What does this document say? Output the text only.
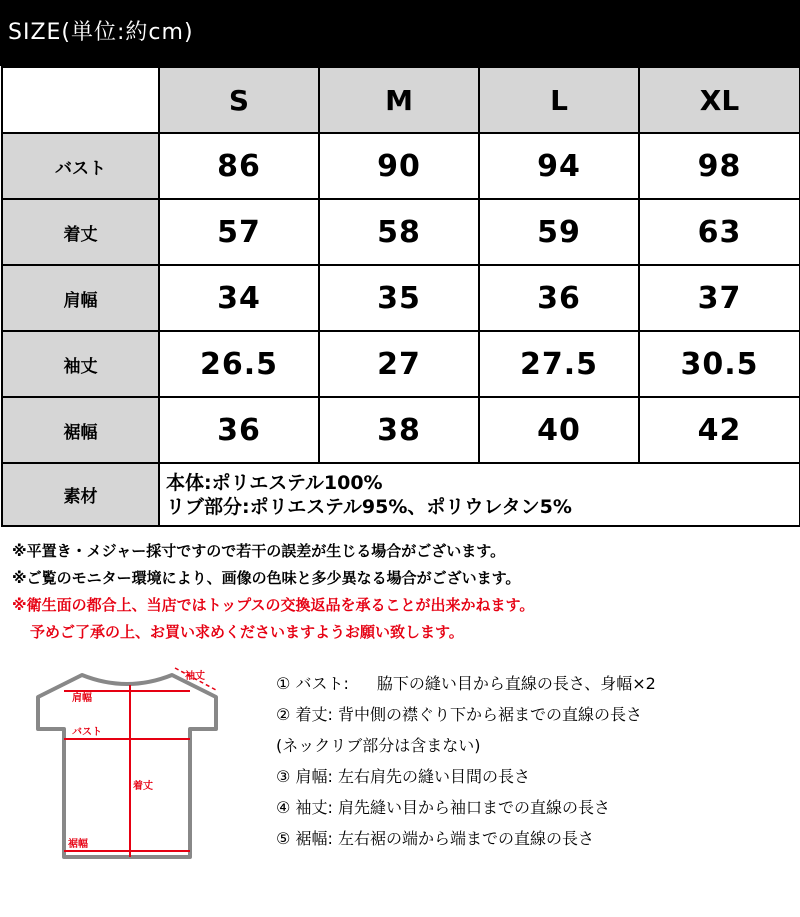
SIZE(単位:約cm)
	S	M	L	XL
バスト	86	90	94	98
着丈	57	58	59	63
肩幅	34	35	36	37
袖丈	26.5	27	27.5	30.5
裾幅	36	38	40	42
素材	本体:ポリエステル100%
リブ部分:ポリエステル95%、ポリウレタン5%			
※平置き・メジャー採寸ですので若干の誤差が生じる場合がございます。
※ご覧のモニター環境により、画像の色味と多少異なる場合がございます。
※衛生面の都合上、当店ではトップスの交換返品を承ることが出来かねます。
予めご了承の上、お買い求めくださいますようお願い致します。
袖丈
肩幅
バスト
着丈
裾幅
① バスト: 脇下の縫い目から直線の長さ、身幅×2
② 着丈: 背中側の襟ぐり下から裾までの直線の長さ
(ネックリブ部分は含まない)
③ 肩幅: 左右肩先の縫い目間の長さ
④ 袖丈: 肩先縫い目から袖口までの直線の長さ
⑤ 裾幅: 左右裾の端から端までの直線の長さ
